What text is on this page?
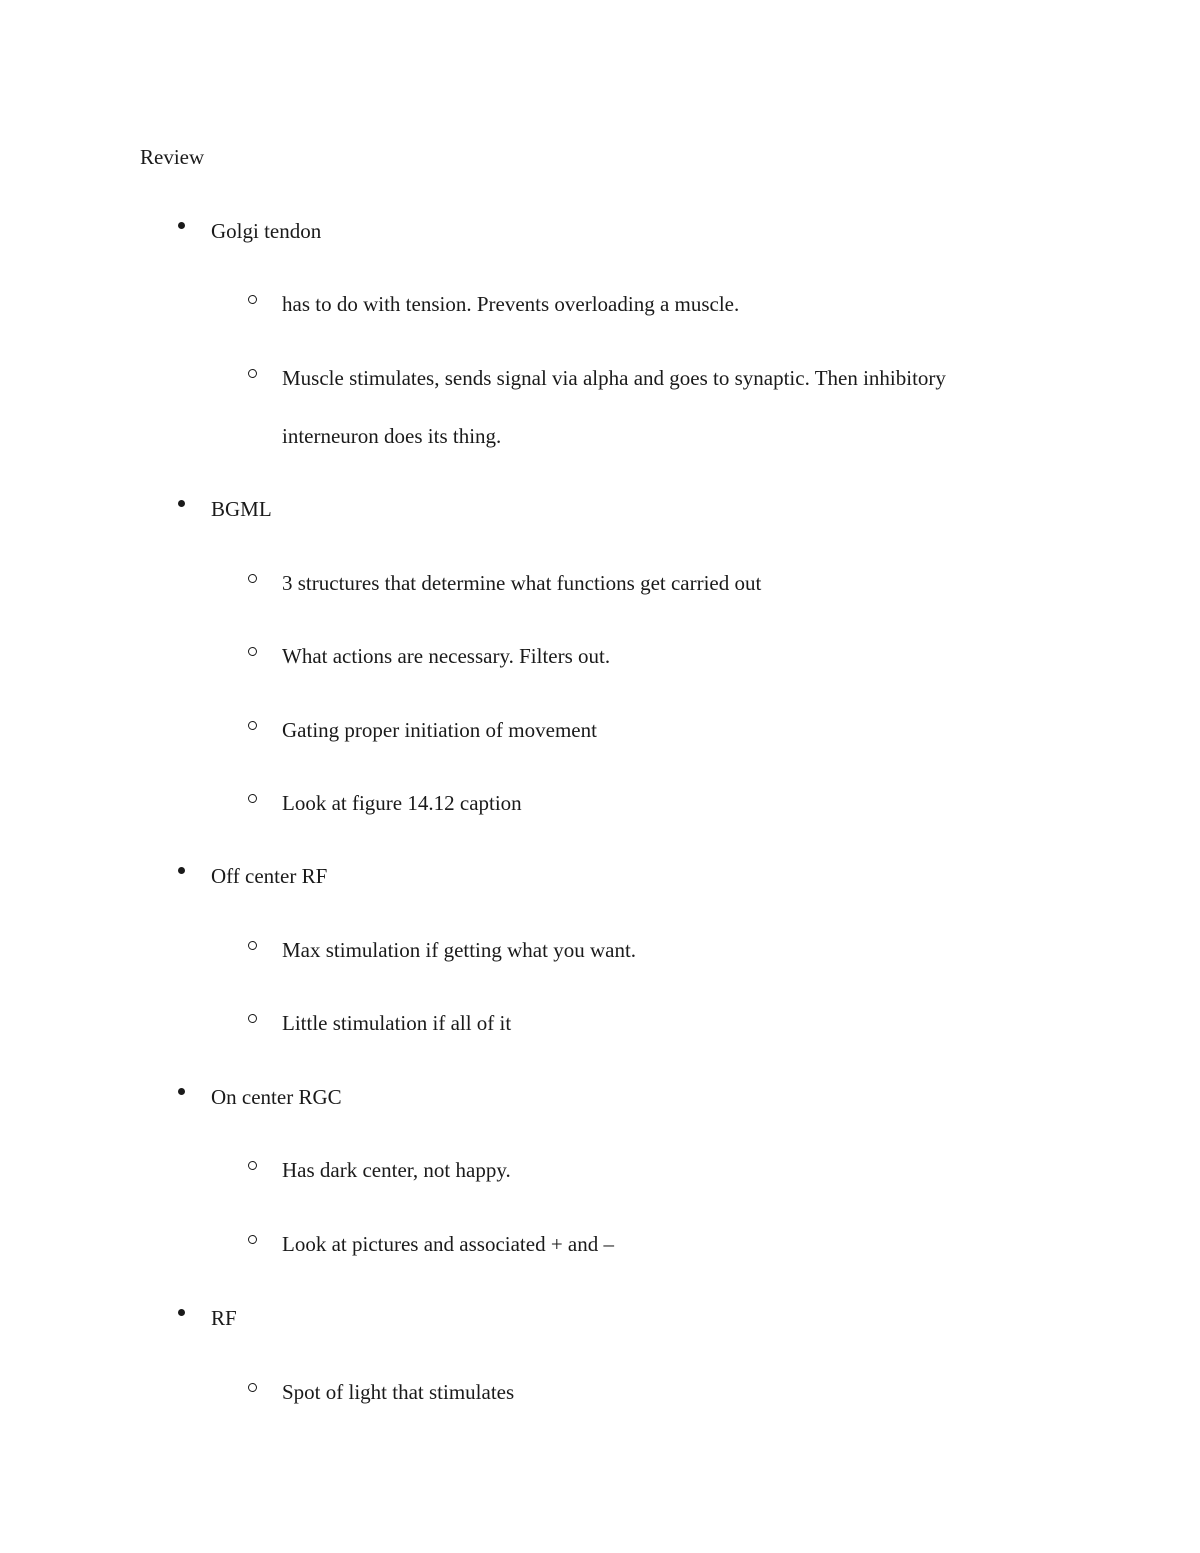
Review
Golgi tendon
has to do with tension. Prevents overloading a muscle.
Muscle stimulates, sends signal via alpha and goes to synaptic. Then inhibitory
interneuron does its thing.
BGML
3 structures that determine what functions get carried out
What actions are necessary. Filters out.
Gating proper initiation of movement
Look at figure 14.12 caption
Off center RF
Max stimulation if getting what you want.
Little stimulation if all of it
On center RGC
Has dark center, not happy.
Look at pictures and associated + and –
RF
Spot of light that stimulates
